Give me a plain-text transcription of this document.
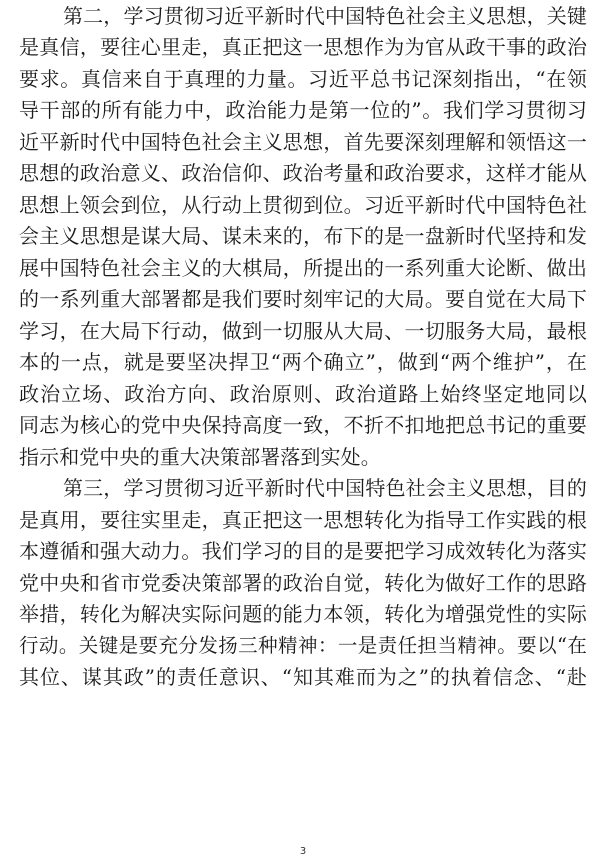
第二，学习贯彻习近平新时代中国特色社会主义思想，关键
是真信，要往心里走，真正把这一思想作为为官从政干事的政治
要求。真信来自于真理的力量。习近平总书记深刻指出，“在领
导干部的所有能力中，政治能力是第一位的”。我们学习贯彻习
近平新时代中国特色社会主义思想，首先要深刻理解和领悟这一
思想的政治意义、政治信仰、政治考量和政治要求，这样才能从
思想上领会到位，从行动上贯彻到位。习近平新时代中国特色社
会主义思想是谋大局、谋未来的，布下的是一盘新时代坚持和发
展中国特色社会主义的大棋局，所提出的一系列重大论断、做出
的一系列重大部署都是我们要时刻牢记的大局。要自觉在大局下
学习，在大局下行动，做到一切服从大局、一切服务大局，最根
本的一点，就是要坚决捍卫“两个确立”，做到“两个维护”，在
政治立场、政治方向、政治原则、政治道路上始终坚定地同以
同志为核心的党中央保持高度一致，不折不扣地把总书记的重要
指示和党中央的重大决策部署落到实处。
第三，学习贯彻习近平新时代中国特色社会主义思想，目的
是真用，要往实里走，真正把这一思想转化为指导工作实践的根
本遵循和强大动力。我们学习的目的是要把学习成效转化为落实
党中央和省市党委决策部署的政治自觉，转化为做好工作的思路
举措，转化为解决实际问题的能力本领，转化为增强党性的实际
行动。关键是要充分发扬三种精神：一是责任担当精神。要以“在
其位、谋其政”的责任意识、“知其难而为之”的执着信念、“赴
3
